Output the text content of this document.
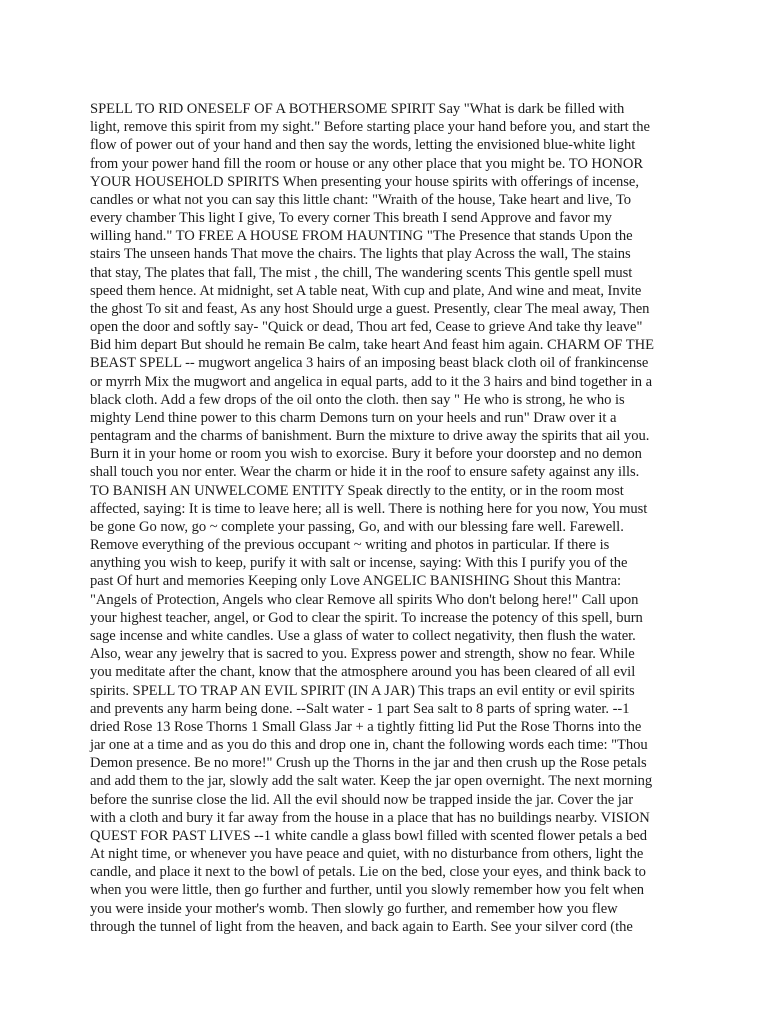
SPELL TO RID ONESELF OF A BOTHERSOME SPIRIT Say "What is dark be filled with
light, remove this spirit from my sight." Before starting place your hand before you, and start the
flow of power out of your hand and then say the words, letting the envisioned blue-white light
from your power hand fill the room or house or any other place that you might be. TO HONOR
YOUR HOUSEHOLD SPIRITS When presenting your house spirits with offerings of incense,
candles or what not you can say this little chant: "Wraith of the house, Take heart and live, To
every chamber This light I give, To every corner This breath I send Approve and favor my
willing hand." TO FREE A HOUSE FROM HAUNTING "The Presence that stands Upon the
stairs The unseen hands That move the chairs. The lights that play Across the wall, The stains
that stay, The plates that fall, The mist , the chill, The wandering scents This gentle spell must
speed them hence. At midnight, set A table neat, With cup and plate, And wine and meat, Invite
the ghost To sit and feast, As any host Should urge a guest. Presently, clear The meal away, Then
open the door and softly say- "Quick or dead, Thou art fed, Cease to grieve And take thy leave"
Bid him depart But should he remain Be calm, take heart And feast him again. CHARM OF THE
BEAST SPELL -- mugwort angelica 3 hairs of an imposing beast black cloth oil of frankincense
or myrrh Mix the mugwort and angelica in equal parts, add to it the 3 hairs and bind together in a
black cloth. Add a few drops of the oil onto the cloth. then say " He who is strong, he who is
mighty Lend thine power to this charm Demons turn on your heels and run" Draw over it a
pentagram and the charms of banishment. Burn the mixture to drive away the spirits that ail you.
Burn it in your home or room you wish to exorcise. Bury it before your doorstep and no demon
shall touch you nor enter. Wear the charm or hide it in the roof to ensure safety against any ills.
TO BANISH AN UNWELCOME ENTITY Speak directly to the entity, or in the room most
affected, saying: It is time to leave here; all is well. There is nothing here for you now, You must
be gone Go now, go ~ complete your passing, Go, and with our blessing fare well. Farewell.
Remove everything of the previous occupant ~ writing and photos in particular. If there is
anything you wish to keep, purify it with salt or incense, saying: With this I purify you of the
past Of hurt and memories Keeping only Love ANGELIC BANISHING Shout this Mantra:
"Angels of Protection, Angels who clear Remove all spirits Who don't belong here!" Call upon
your highest teacher, angel, or God to clear the spirit. To increase the potency of this spell, burn
sage incense and white candles. Use a glass of water to collect negativity, then flush the water.
Also, wear any jewelry that is sacred to you. Express power and strength, show no fear. While
you meditate after the chant, know that the atmosphere around you has been cleared of all evil
spirits. SPELL TO TRAP AN EVIL SPIRIT (IN A JAR) This traps an evil entity or evil spirits
and prevents any harm being done. --Salt water - 1 part Sea salt to 8 parts of spring water. --1
dried Rose 13 Rose Thorns 1 Small Glass Jar + a tightly fitting lid Put the Rose Thorns into the
jar one at a time and as you do this and drop one in, chant the following words each time: "Thou
Demon presence. Be no more!" Crush up the Thorns in the jar and then crush up the Rose petals
and add them to the jar, slowly add the salt water. Keep the jar open overnight. The next morning
before the sunrise close the lid. All the evil should now be trapped inside the jar. Cover the jar
with a cloth and bury it far away from the house in a place that has no buildings nearby. VISION
QUEST FOR PAST LIVES --1 white candle a glass bowl filled with scented flower petals a bed
At night time, or whenever you have peace and quiet, with no disturbance from others, light the
candle, and place it next to the bowl of petals. Lie on the bed, close your eyes, and think back to
when you were little, then go further and further, until you slowly remember how you felt when
you were inside your mother's womb. Then slowly go further, and remember how you flew
through the tunnel of light from the heaven, and back again to Earth. See your silver cord (the
